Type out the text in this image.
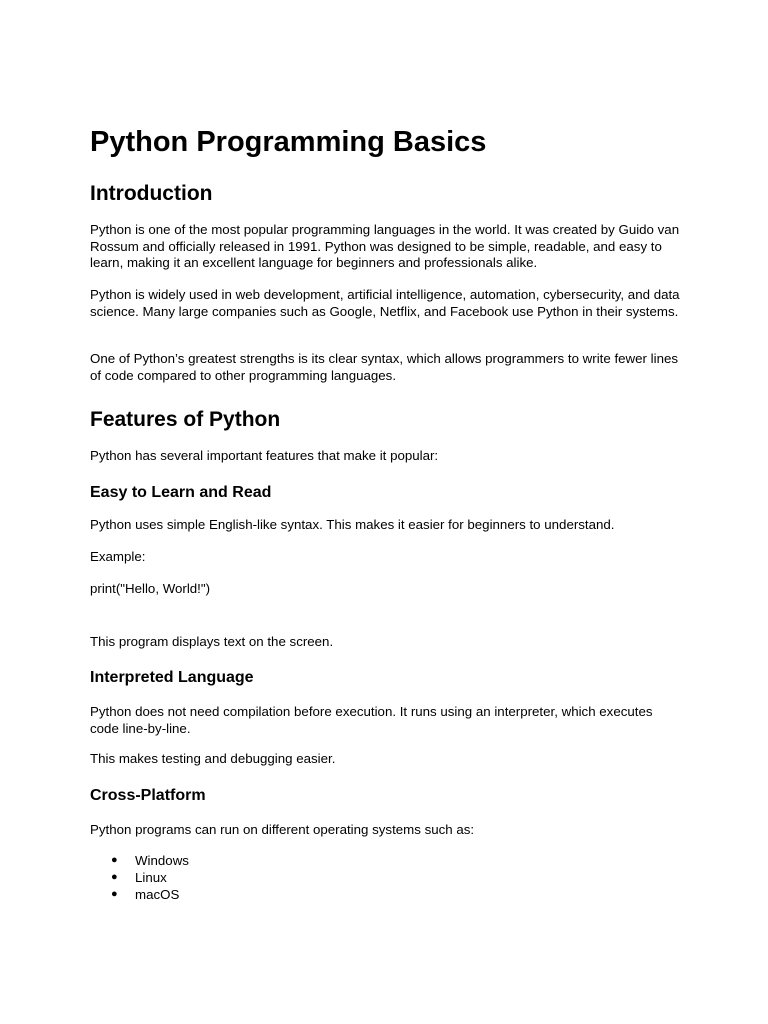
Python Programming Basics
Introduction

Python is one of the most popular programming languages in the world. It was created by Guido van Rossum and officially released in 1991. Python was designed to be simple, readable, and easy to learn, making it an excellent language for beginners and professionals alike.

Python is widely used in web development, artificial intelligence, automation, cybersecurity, and data science. Many large companies such as Google, Netflix, and Facebook use Python in their systems.

One of Python’s greatest strengths is its clear syntax, which allows programmers to write fewer lines of code compared to other programming languages.

Features of Python

Python has several important features that make it popular:

Easy to Learn and Read

Python uses simple English-like syntax. This makes it easier for beginners to understand.

Example:

print("Hello, World!")

This program displays text on the screen.

Interpreted Language

Python does not need compilation before execution. It runs using an interpreter, which executes code line-by-line.

This makes testing and debugging easier.

Cross-Platform

Python programs can run on different operating systems such as:

● Windows
● Linux
● macOS
